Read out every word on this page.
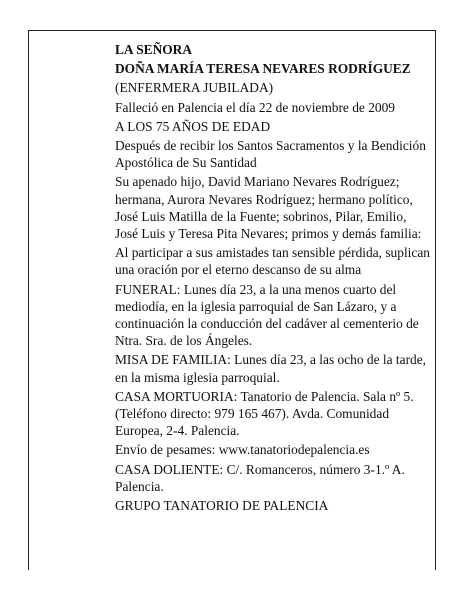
LA SEÑORA

DOÑA MARÍA TERESA NEVARES RODRÍGUEZ

(ENFERMERA JUBILADA)

Falleció en Palencia el día 22 de noviembre de 2009

A LOS 75 AÑOS DE EDAD

Después de recibir los Santos Sacramentos y la Bendición Apostólica de Su Santidad

Su apenado hijo, David Mariano Nevares Rodríguez; hermana, Aurora Nevares Rodríguez; hermano político, José Luis Matilla de la Fuente; sobrinos, Pilar, Emilio, José Luis y Teresa Pita Nevares; primos y demás familia:

Al participar a sus amistades tan sensible pérdida, suplican una oración por el eterno descanso de su alma

FUNERAL: Lunes día 23, a la una menos cuarto del mediodía, en la iglesia parroquial de San Lázaro, y a continuación la conducción del cadáver al cementerio de Ntra. Sra. de los Ángeles.

MISA DE FAMILIA: Lunes día 23, a las ocho de la tarde, en la misma iglesia parroquial.

CASA MORTUORIA: Tanatorio de Palencia. Sala nº 5. (Teléfono directo: 979 165 467). Avda. Comunidad Europea, 2-4. Palencia.

Envío de pesames: www.tanatoriodepalencia.es

CASA DOLIENTE: C/. Romanceros, número 3-1.º A. Palencia.

GRUPO TANATORIO DE PALENCIA
